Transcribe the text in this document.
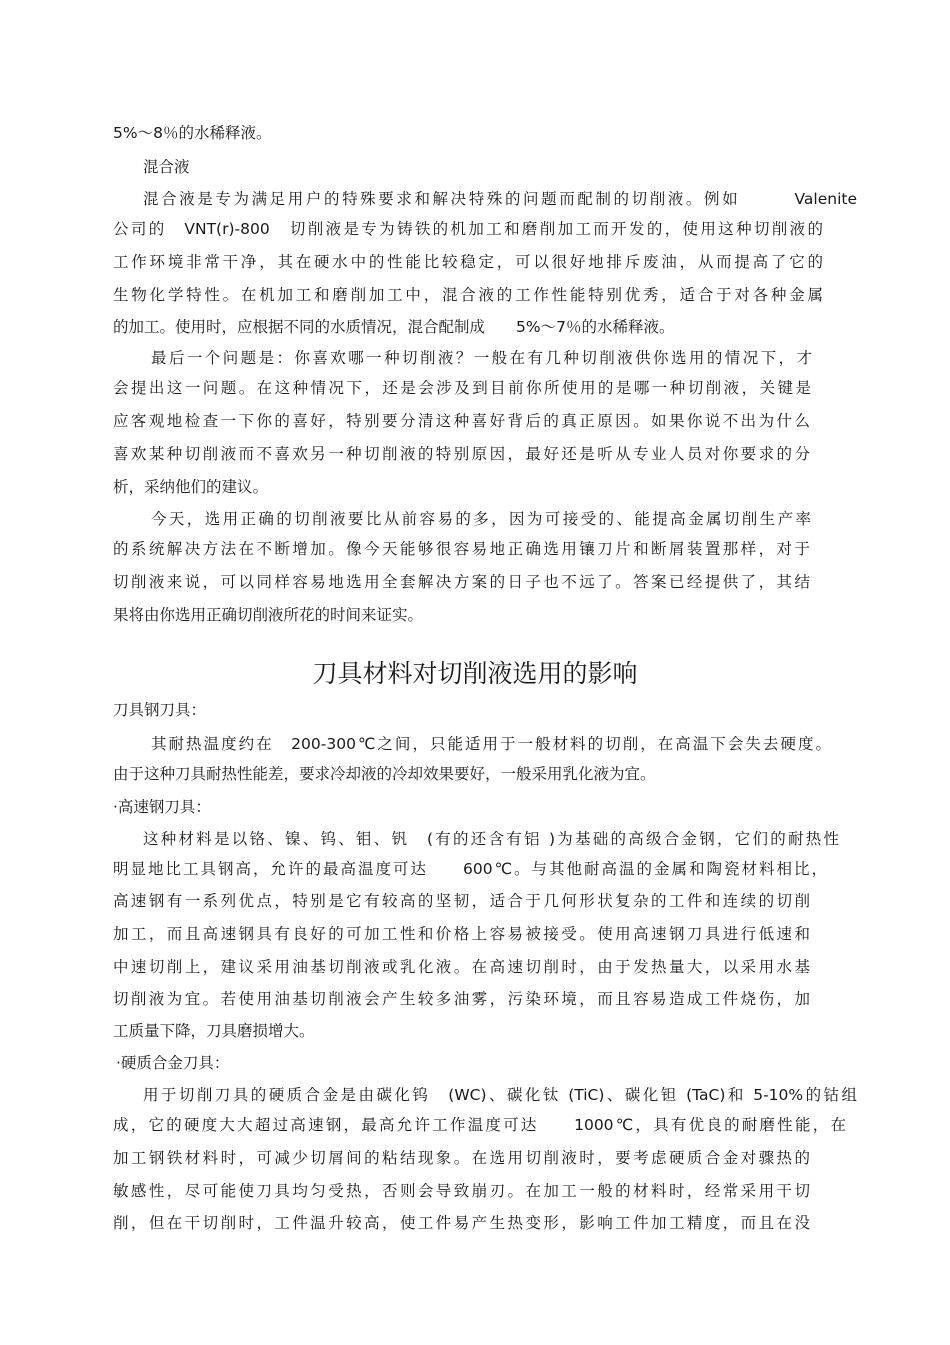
5%～8％的水稀释液。

混合液

混合液是专为满足用户的特殊要求和解决特殊的问题而配制的切削液。例如　　　Valenite

公司的　VNT(r)-800　切削液是专为铸铁的机加工和磨削加工而开发的，使用这种切削液的

工作环境非常干净，其在硬水中的性能比较稳定，可以很好地排斥废油，从而提高了它的

生物化学特性。在机加工和磨削加工中，混合液的工作性能特别优秀，适合于对各种金属

的加工。使用时，应根据不同的水质情况，混合配制成　　5%～7％的水稀释液。

最后一个问题是：你喜欢哪一种切削液？一般在有几种切削液供你选用的情况下，才

会提出这一问题。在这种情况下，还是会涉及到目前你所使用的是哪一种切削液，关键是

应客观地检查一下你的喜好，特别要分清这种喜好背后的真正原因。如果你说不出为什么

喜欢某种切削液而不喜欢另一种切削液的特别原因，最好还是听从专业人员对你要求的分

析，采纳他们的建议。

今天，选用正确的切削液要比从前容易的多，因为可接受的、能提高金属切削生产率

的系统解决方法在不断增加。像今天能够很容易地正确选用镶刀片和断屑装置那样，对于

切削液来说，可以同样容易地选用全套解决方案的日子也不远了。答案已经提供了，其结

果将由你选用正确切削液所花的时间来证实。

刀具材料对切削液选用的影响

刀具钢刀具：

其耐热温度约在　200-300℃之间，只能适用于一般材料的切削，在高温下会失去硬度。

由于这种刀具耐热性能差，要求冷却液的冷却效果要好，一般采用乳化液为宜。

·高速钢刀具：

这种材料是以铬、镍、钨、钼、钒　(有的还含有铝 )为基础的高级合金钢，它们的耐热性

明显地比工具钢高，允许的最高温度可达　　600℃。与其他耐高温的金属和陶瓷材料相比，

高速钢有一系列优点，特别是它有较高的坚韧，适合于几何形状复杂的工件和连续的切削

加工，而且高速钢具有良好的可加工性和价格上容易被接受。使用高速钢刀具进行低速和

中速切削上，建议采用油基切削液或乳化液。在高速切削时，由于发热量大，以采用水基

切削液为宜。若使用油基切削液会产生较多油雾，污染环境，而且容易造成工件烧伤，加

工质量下降，刀具磨损增大。

·硬质合金刀具：

用于切削刀具的硬质合金是由碳化钨　(WC)、碳化钛 (TiC)、碳化钽 (TaC)和 5-10%的钴组

成，它的硬度大大超过高速钢，最高允许工作温度可达　　1000℃，具有优良的耐磨性能，在

加工钢铁材料时，可减少切屑间的粘结现象。在选用切削液时，要考虑硬质合金对骤热的

敏感性，尽可能使刀具均匀受热，否则会导致崩刃。在加工一般的材料时，经常采用干切

削，但在干切削时，工件温升较高，使工件易产生热变形，影响工件加工精度，而且在没
